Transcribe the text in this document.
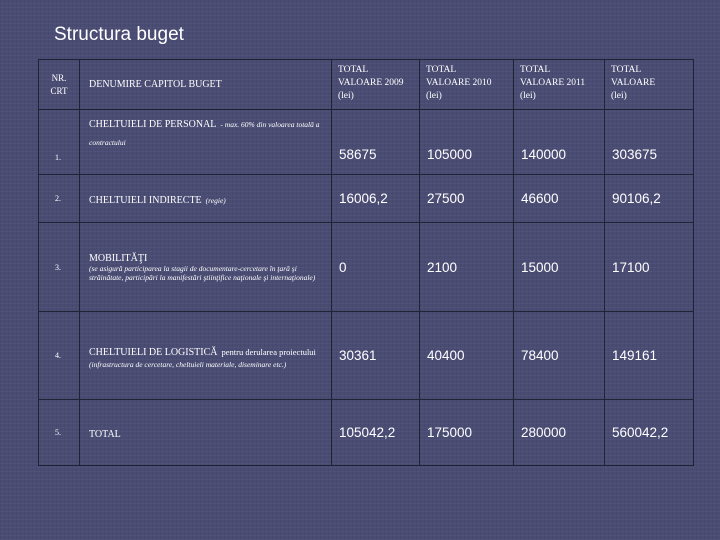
Structura buget
NR.
CRT	DENUMIRE CAPITOL BUGET	TOTAL
VALOARE 2009
(lei)	TOTAL
VALOARE 2010
(lei)	TOTAL
VALOARE 2011
(lei)	TOTAL
VALOARE
(lei)
1.	CHELTUIELI DE PERSONAL - max. 60% din valoarea totală a contractului	58675	105000	140000	303675
2.	CHELTUIELI INDIRECTE (regie)	16006,2	27500	46600	90106,2
3.	MOBILITĂŢI
(se asigură participarea la stagii de documentare-cercetare în ţară şi străinătate, participări la manifestări ştiinţifice naţionale şi internaţionale)	0	2100	15000	17100
4.	CHELTUIELI DE LOGISTICĂ pentru derularea proiectului
(infrastructura de cercetare, cheltuieli materiale, diseminare etc.)	30361	40400	78400	149161
5.	TOTAL	105042,2	175000	280000	560042,2
